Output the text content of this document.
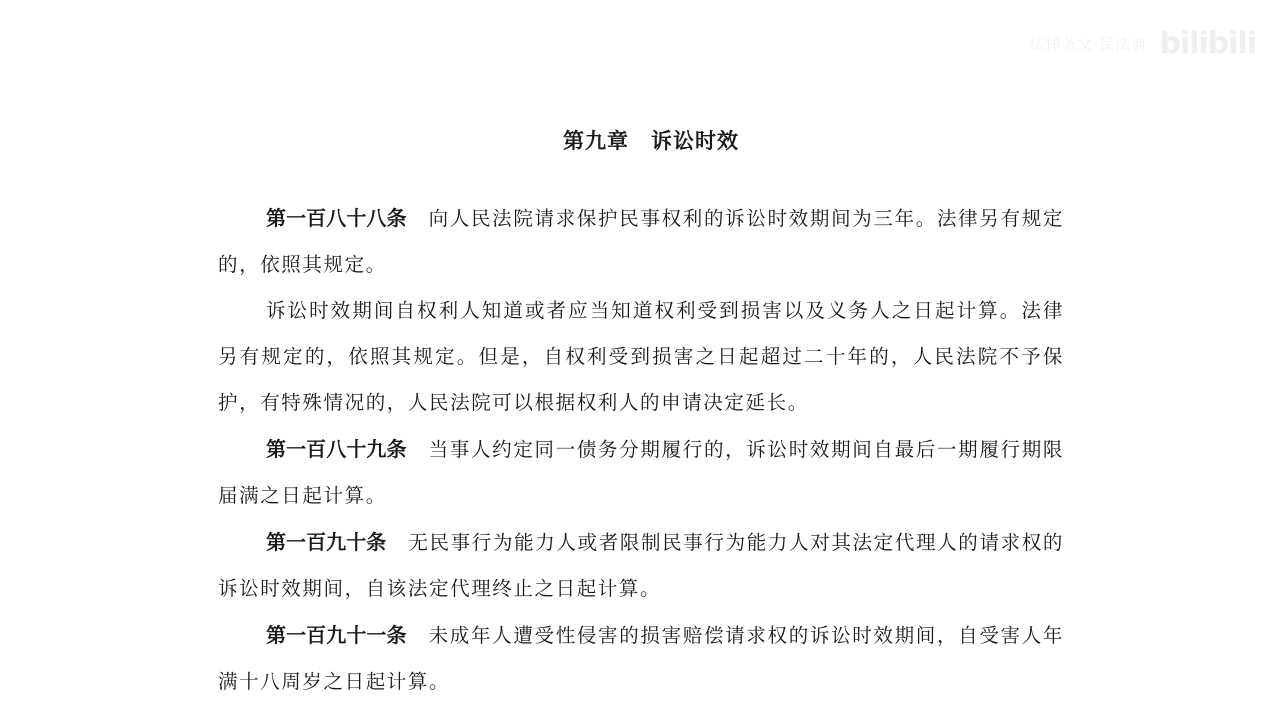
法律条文·民法典 bilibili
第九章 诉讼时效

第一百八十八条 向人民法院请求保护民事权利的诉讼时效期间为三年。法律另有规定的，依照其规定。

诉讼时效期间自权利人知道或者应当知道权利受到损害以及义务人之日起计算。法律另有规定的，依照其规定。但是，自权利受到损害之日起超过二十年的，人民法院不予保护，有特殊情况的，人民法院可以根据权利人的申请决定延长。

第一百八十九条 当事人约定同一债务分期履行的，诉讼时效期间自最后一期履行期限届满之日起计算。

第一百九十条 无民事行为能力人或者限制民事行为能力人对其法定代理人的请求权的诉讼时效期间，自该法定代理终止之日起计算。

第一百九十一条 未成年人遭受性侵害的损害赔偿请求权的诉讼时效期间，自受害人年满十八周岁之日起计算。
